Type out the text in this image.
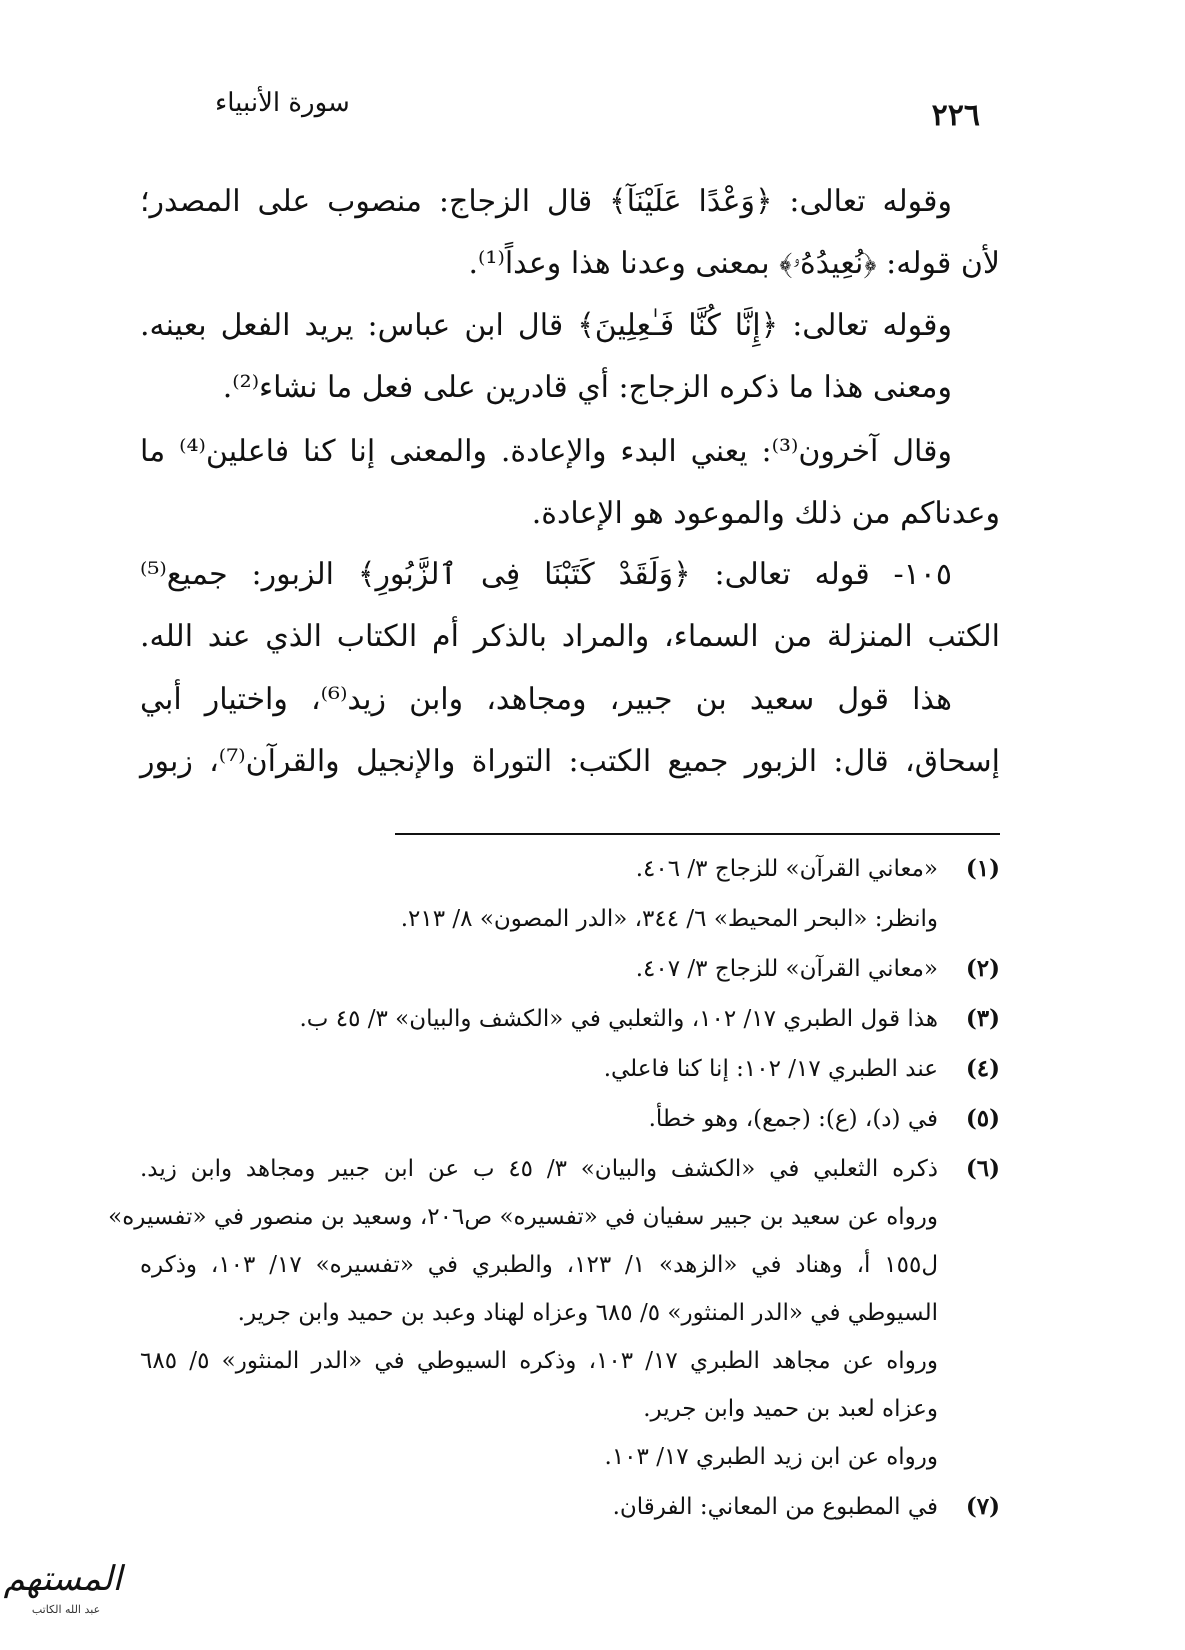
سورة الأنبياء	٢٢٦
وقوله تعالى: ﴿وَعْدًا عَلَيْنَآ﴾ قال الزجاج: منصوب على المصدر؛
لأن قوله: ﴿نُعِيدُهُۥ﴾ بمعنى وعدنا هذا وعداً⁽¹⁾.
وقوله تعالى: ﴿إِنَّا كُنَّا فَـٰعِلِينَ﴾ قال ابن عباس: يريد الفعل بعينه.
ومعنى هذا ما ذكره الزجاج: أي قادرين على فعل ما نشاء⁽²⁾.
وقال آخرون⁽³⁾: يعني البدء والإعادة. والمعنى إنا كنا فاعلين⁽⁴⁾ ما
وعدناكم من ذلك والموعود هو الإعادة.
١٠٥- قوله تعالى: ﴿وَلَقَدْ كَتَبْنَا فِى ٱلزَّبُورِ﴾ الزبور: جميع⁽⁵⁾
الكتب المنزلة من السماء، والمراد بالذكر أم الكتاب الذي عند الله.
هذا قول سعيد بن جبير، ومجاهد، وابن زيد⁽⁶⁾، واختيار أبي
إسحاق، قال: الزبور جميع الكتب: التوراة والإنجيل والقرآن⁽⁷⁾، زبور
(١)«معاني القرآن» للزجاج ٣/ ٤٠٦.
وانظر: «البحر المحيط» ٦/ ٣٤٤، «الدر المصون» ٨/ ٢١٣.
(٢)«معاني القرآن» للزجاج ٣/ ٤٠٧.
(٣)هذا قول الطبري ١٧/ ١٠٢، والثعلبي في «الكشف والبيان» ٣/ ٤٥ ب.
(٤)عند الطبري ١٧/ ١٠٢: إنا كنا فاعلي.
(٥)في (د)، (ع): (جمع)، وهو خطأ.
(٦)ذكره الثعلبي في «الكشف والبيان» ٣/ ٤٥ ب عن ابن جبير ومجاهد وابن زيد.
ورواه عن سعيد بن جبير سفيان في «تفسيره» ص٢٠٦، وسعيد بن منصور في «تفسيره»
ل١٥٥ أ، وهناد في «الزهد» ١/ ١٢٣، والطبري في «تفسيره» ١٧/ ١٠٣، وذكره
السيوطي في «الدر المنثور» ٥/ ٦٨٥ وعزاه لهناد وعبد بن حميد وابن جرير.
ورواه عن مجاهد الطبري ١٧/ ١٠٣، وذكره السيوطي في «الدر المنثور» ٥/ ٦٨٥
وعزاه لعبد بن حميد وابن جرير.
ورواه عن ابن زيد الطبري ١٧/ ١٠٣.
(٧)في المطبوع من المعاني: الفرقان.
المستهم
عبد الله الكاتب
